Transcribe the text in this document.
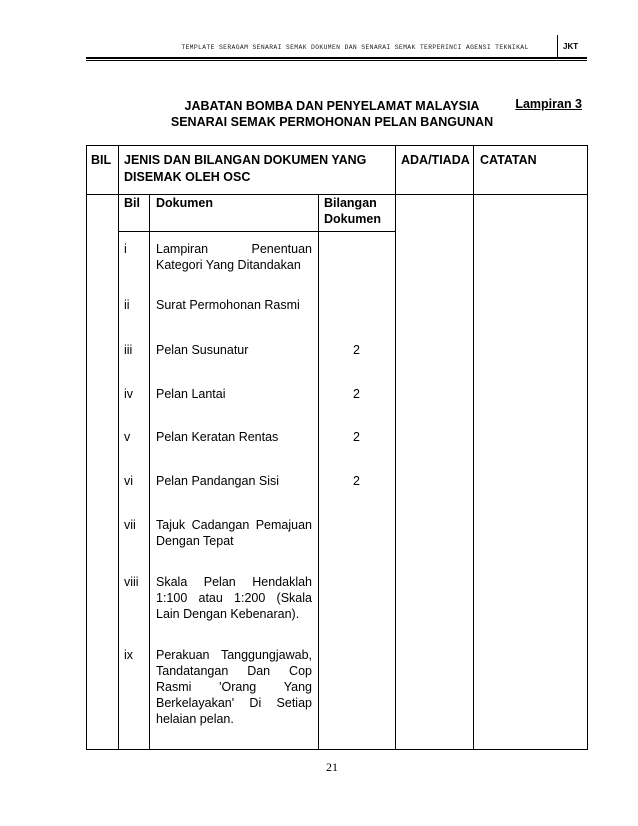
TEMPLATE SERAGAM SENARAI SEMAK DOKUMEN DAN SENARAI SEMAK TERPERINCI AGENSI TEKNIKAL	JKT
Lampiran 3
JABATAN BOMBA DAN PENYELAMAT MALAYSIA
SENARAI SEMAK PERMOHONAN PELAN BANGUNAN
BIL JENIS DAN BILANGAN DOKUMEN YANG
DISEMAK OLEH OSC
ADA/TIADA CATATAN
Bil Dokumen	Bilangan
Dokumen
i Lampiran Penentuan
Kategori Yang Ditandakan
ii Surat Permohonan Rasmi
iii Pelan Susunatur	2
iv Pelan Lantai	2
v Pelan Keratan Rentas	2
vi Pelan Pandangan Sisi	2
vii Tajuk Cadangan Pemajuan
Dengan Tepat
viii Skala Pelan Hendaklah
1:100 atau 1:200 (Skala
Lain Dengan Kebenaran).
ix Perakuan Tanggungjawab,
Tandatangan Dan Cop
Rasmi 'Orang Yang
Berkelayakan' Di Setiap
helaian pelan.
21
